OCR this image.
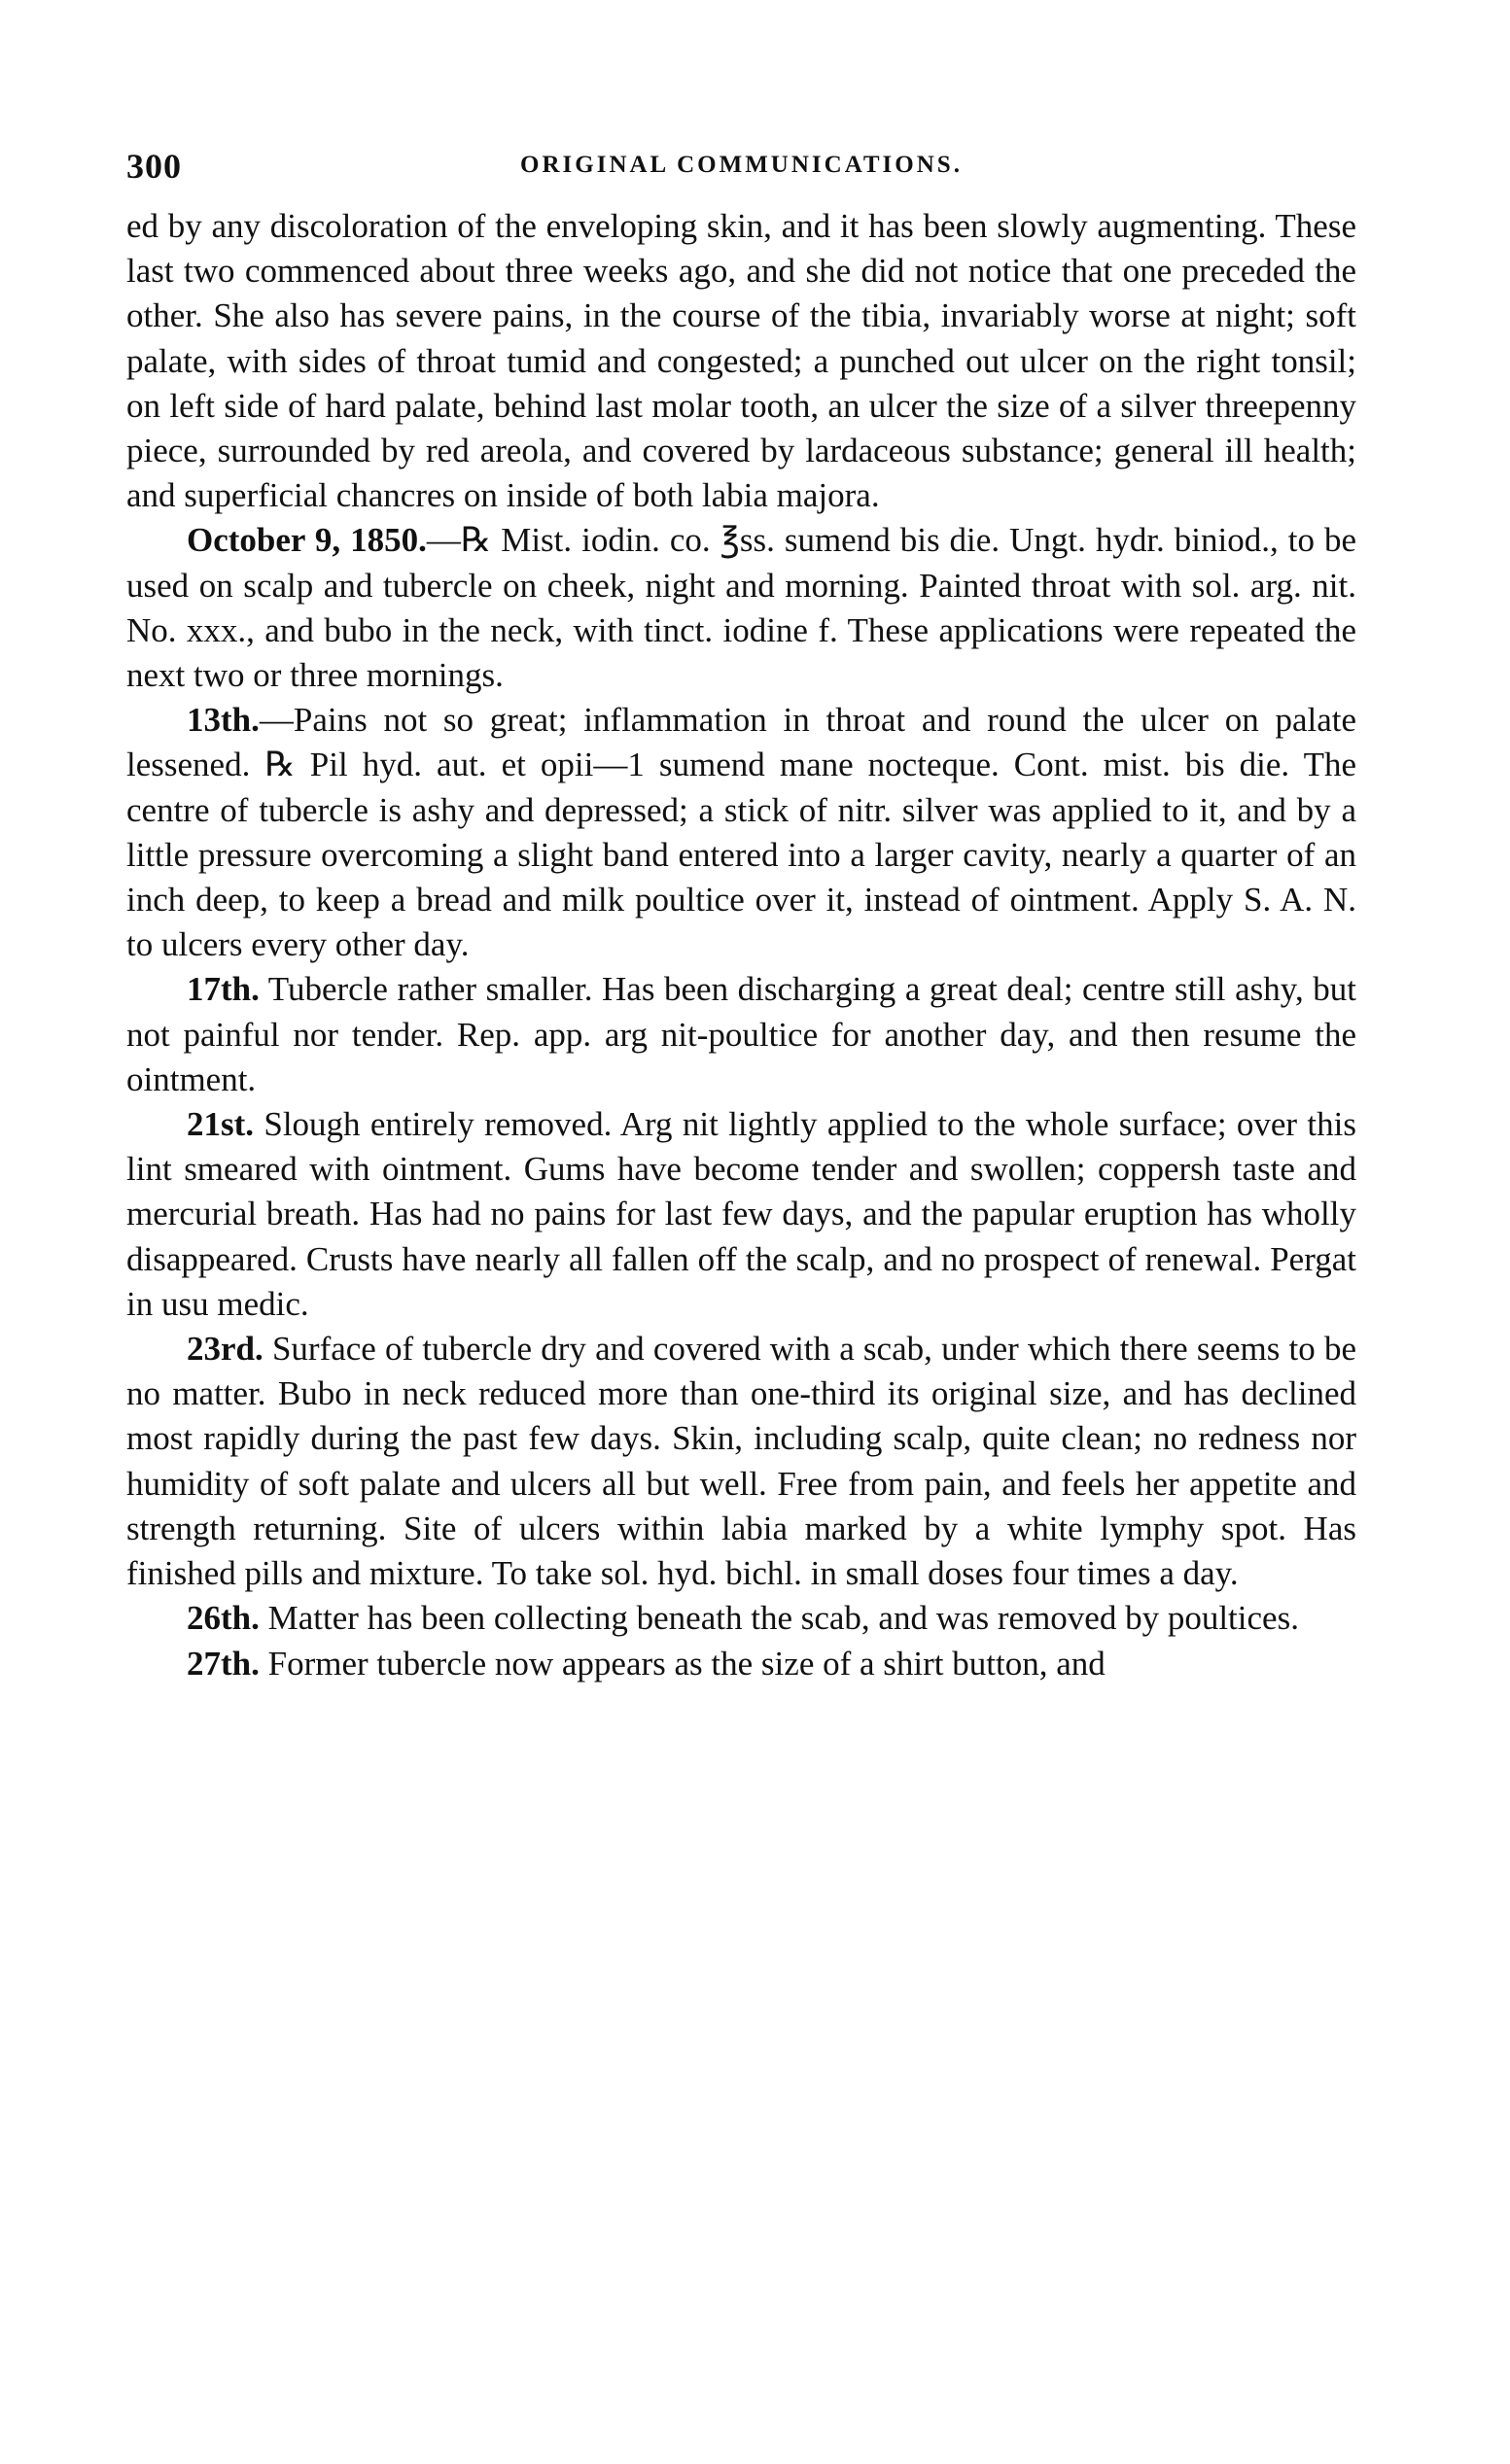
300	ORIGINAL COMMUNICATIONS.

ed by any discoloration of the enveloping skin, and it has been slowly augmenting. These last two commenced about three weeks ago, and she did not notice that one preceded the other. She also has severe pains, in the course of the tibia, invariably worse at night; soft palate, with sides of throat tumid and congested; a punched out ulcer on the right tonsil; on left side of hard palate, behind last molar tooth, an ulcer the size of a silver threepenny piece, surrounded by red areola, and covered by lardaceous substance; general ill health; and superficial chancres on inside of both labia majora.

October 9, 1850.—℞ Mist. iodin. co. ℥ss. sumend bis die. Ungt. hydr. biniod., to be used on scalp and tubercle on cheek, night and morning. Painted throat with sol. arg. nit. No. xxx., and bubo in the neck, with tinct. iodine f. These applications were repeated the next two or three mornings.

13th.—Pains not so great; inflammation in throat and round the ulcer on palate lessened. ℞ Pil hyd. aut. et opii—1 sumend mane nocteque. Cont. mist. bis die. The centre of tubercle is ashy and depressed; a stick of nitr. silver was applied to it, and by a little pressure overcoming a slight band entered into a larger cavity, nearly a quarter of an inch deep, to keep a bread and milk poultice over it, instead of ointment. Apply S. A. N. to ulcers every other day.

17th. Tubercle rather smaller. Has been discharging a great deal; centre still ashy, but not painful nor tender. Rep. app. arg nit-poultice for another day, and then resume the ointment.

21st. Slough entirely removed. Arg nit lightly applied to the whole surface; over this lint smeared with ointment. Gums have become tender and swollen; coppersh taste and mercurial breath. Has had no pains for last few days, and the papular eruption has wholly disappeared. Crusts have nearly all fallen off the scalp, and no prospect of renewal. Pergat in usu medic.

23rd. Surface of tubercle dry and covered with a scab, under which there seems to be no matter. Bubo in neck reduced more than one-third its original size, and has declined most rapidly during the past few days. Skin, including scalp, quite clean; no redness nor humidity of soft palate and ulcers all but well. Free from pain, and feels her appetite and strength returning. Site of ulcers within labia marked by a white lymphy spot. Has finished pills and mixture. To take sol. hyd. bichl. in small doses four times a day.

26th. Matter has been collecting beneath the scab, and was removed by poultices.

27th. Former tubercle now appears as the size of a shirt button, and
